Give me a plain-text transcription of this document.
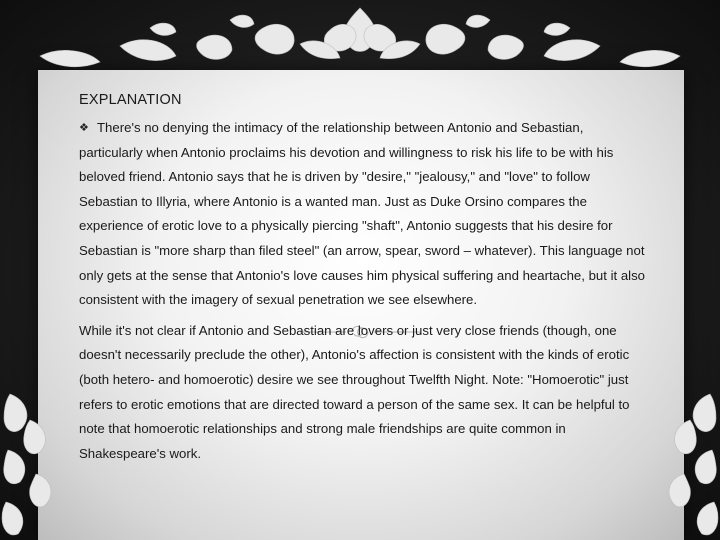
EXPLANATION
❖ There's no denying the intimacy of the relationship between Antonio and Sebastian, particularly when Antonio proclaims his devotion and willingness to risk his life to be with his beloved friend. Antonio says that he is driven by "desire," "jealousy," and "love" to follow Sebastian to Illyria, where Antonio is a wanted man. Just as Duke Orsino compares the experience of erotic love to a physically piercing "shaft", Antonio suggests that his desire for Sebastian is "more sharp than filed steel" (an arrow, spear, sword – whatever). This language not only gets at the sense that Antonio's love causes him physical suffering and heartache, but it also consistent with the imagery of sexual penetration we see elsewhere.
While it's not clear if Antonio and Sebastian are lovers or just very close friends (though, one doesn't necessarily preclude the other), Antonio's affection is consistent with the kinds of erotic (both hetero- and homoerotic) desire we see throughout Twelfth Night. Note: "Homoerotic" just refers to erotic emotions that are directed toward a person of the same sex. It can be helpful to note that homoerotic relationships and strong male friendships are quite common in Shakespeare's work.
